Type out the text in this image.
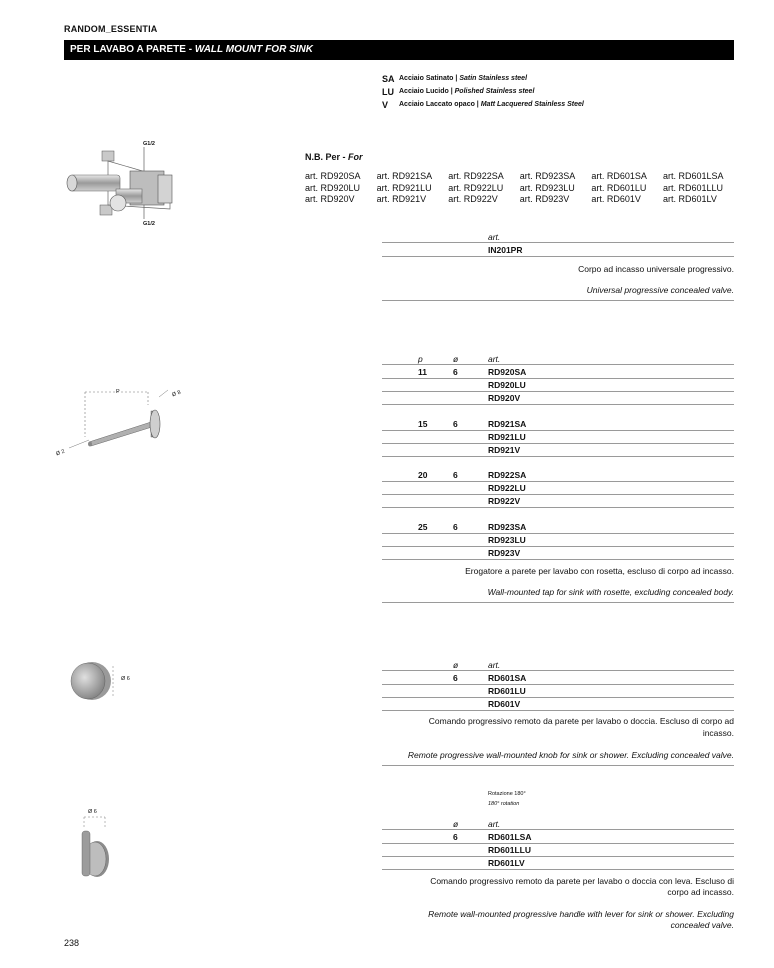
RANDOM_ESSENTIA
PER LAVABO A PARETE - WALL MOUNT FOR SINK
SA Acciaio Satinato | Satin Stainless steel
LU Acciaio Lucido | Polished Stainless steel
V	Acciaio Laccato opaco | Matt Lacquered Stainless Steel
G1/2
G1/2
N.B. Per - For
art. RD920SA	art. RD921SA	art. RD922SA	art. RD923SA	art. RD601SA	art. RD601LSA
art. RD920LU	art. RD921LU	art. RD922LU	art. RD923LU	art. RD601LU	art. RD601LLU
art. RD920V	art. RD921V	art. RD922V	art. RD923V	art. RD601V	art. RD601LV
art.
IN201PR
Corpo ad incasso universale progressivo.
Universal progressive concealed valve.
P	Ø 8
Ø 2
p	ø	art.
11	6	RD920SA
RD920LU
RD920V
15	6	RD921SA
RD921LU
RD921V
20	6	RD922SA
RD922LU
RD922V
25	6	RD923SA
RD923LU
RD923V
Erogatore a parete per lavabo con rosetta, escluso di corpo ad incasso.
Wall-mounted tap for sink with rosette, excluding concealed body.
Ø 6
ø	art.
6	RD601SA
RD601LU
RD601V
Comando progressivo remoto da parete per lavabo o doccia. Escluso di corpo ad
incasso.
Remote progressive wall-mounted knob for sink or shower. Excluding concealed valve.
Ø 6
Rotazione 180°
180° rotation
ø	art.
6	RD601LSA
RD601LLU
RD601LV
Comando progressivo remoto da parete per lavabo o doccia con leva. Escluso di
corpo ad incasso.
Remote wall-mounted progressive handle with lever for sink or shower. Excluding
concealed valve.
238
